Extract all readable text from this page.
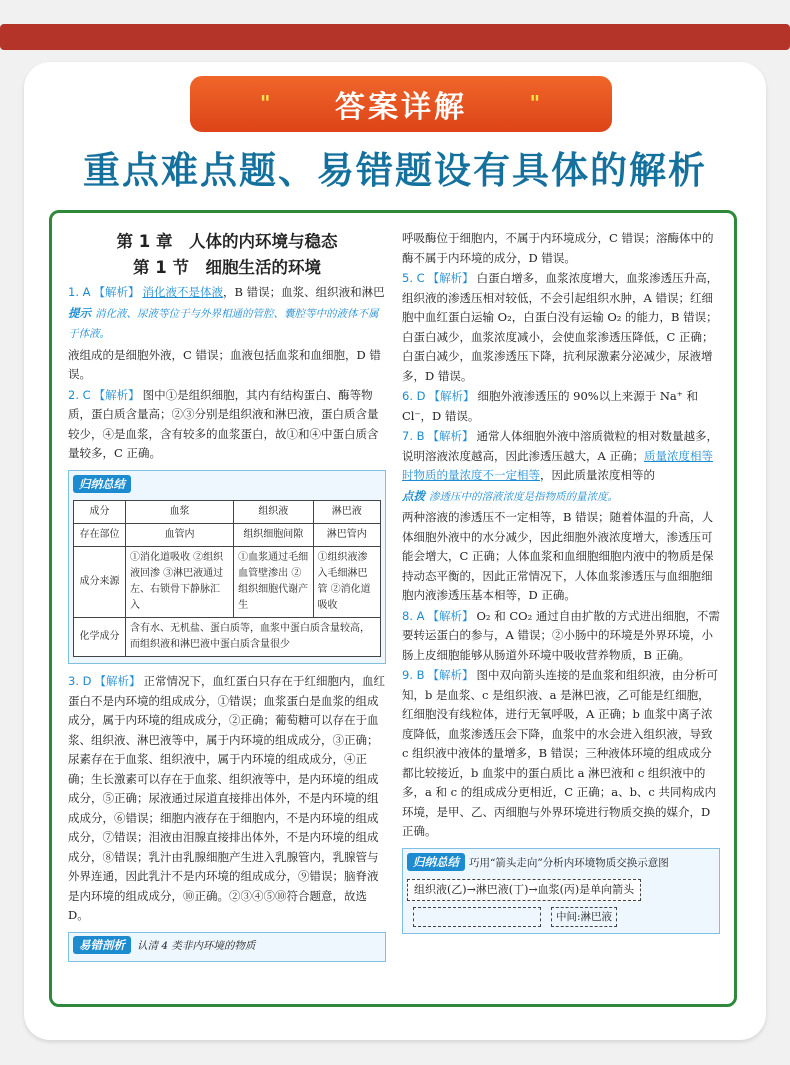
" 答案详解	"
重点难点题、易错题设有具体的解析
第 1 章　人体的内环境与稳态
第 1 节　细胞生活的环境
1. A 【解析】 消化液不是体液，B 错误；血浆、组织液和淋巴
提示 消化液、尿液等位于与外界相通的管腔、囊腔等中的液体不属于体液。
液组成的是细胞外液，C 错误；血液包括血浆和血细胞，D 错误。
2. C 【解析】 图中①是组织细胞，其内有结构蛋白、酶等物质，蛋白质含量高；②③分别是组织液和淋巴液，蛋白质含量较少，④是血浆，含有较多的血浆蛋白，故①和④中蛋白质含量较多，C 正确。
归纳总结
成分	血浆	组织液	淋巴液
存在部位	血管内	组织细胞间隙	淋巴管内
成分来源	①消化道吸收 ②组织液回渗 ③淋巴液通过左、右锁骨下静脉汇入	①血浆通过毛细血管壁渗出 ②组织细胞代谢产生	①组织液渗入毛细淋巴管 ②消化道吸收
化学成分	含有水、无机盐、蛋白质等，血浆中蛋白质含量较高，而组织液和淋巴液中蛋白质含量很少		
3. D 【解析】 正常情况下，血红蛋白只存在于红细胞内，血红蛋白不是内环境的组成成分，①错误；血浆蛋白是血浆的组成成分，属于内环境的组成成分，②正确；葡萄糖可以存在于血浆、组织液、淋巴液等中，属于内环境的组成成分，③正确；尿素存在于血浆、组织液中，属于内环境的组成成分，④正确；生长激素可以存在于血浆、组织液等中，是内环境的组成成分，⑤正确；尿液通过尿道直接排出体外，不是内环境的组成成分，⑥错误；细胞内液存在于细胞内，不是内环境的组成成分，⑦错误；泪液由泪腺直接排出体外，不是内环境的组成成分，⑧错误；乳汁由乳腺细胞产生进入乳腺管内，乳腺管与外界连通，因此乳汁不是内环境的组成成分，⑨错误；脑脊液是内环境的组成成分，⑩正确。②③④⑤⑩符合题意，故选 D。
易错剖析 认清 4 类非内环境的物质
呼吸酶位于细胞内，不属于内环境成分，C 错误；溶酶体中的酶不属于内环境的成分，D 错误。
5. C 【解析】 白蛋白增多，血浆浓度增大，血浆渗透压升高，组织液的渗透压相对较低，不会引起组织水肿，A 错误；红细胞中血红蛋白运输 O₂，白蛋白没有运输 O₂ 的能力，B 错误；白蛋白减少，血浆浓度减小，会使血浆渗透压降低，C 正确；白蛋白减少，血浆渗透压下降，抗利尿激素分泌减少，尿液增多，D 错误。
6. D 【解析】 细胞外液渗透压的 90%以上来源于 Na⁺ 和 Cl⁻，D 错误。
7. B 【解析】 通常人体细胞外液中溶质微粒的相对数量越多，说明溶液浓度越高，因此渗透压越大，A 正确；质量浓度相等时物质的量浓度不一定相等，因此质量浓度相等的
点拨 渗透压中的溶液浓度是指物质的量浓度。
两种溶液的渗透压不一定相等，B 错误；随着体温的升高，人体细胞外液中的水分减少，因此细胞外液浓度增大，渗透压可能会增大，C 正确；人体血浆和血细胞细胞内液中的物质是保持动态平衡的，因此正常情况下，人体血浆渗透压与血细胞细胞内液渗透压基本相等，D 正确。
8. A 【解析】 O₂ 和 CO₂ 通过自由扩散的方式进出细胞，不需要转运蛋白的参与，A 错误；②小肠中的环境是外界环境，小肠上皮细胞能够从肠道外环境中吸收营养物质，B 正确。
9. B 【解析】 图中双向箭头连接的是血浆和组织液，由分析可知，b 是血浆、c 是组织液、a 是淋巴液，乙可能是红细胞，红细胞没有线粒体，进行无氧呼吸，A 正确；b 血浆中离子浓度降低，血浆渗透压会下降，血浆中的水会进入组织液，导致 c 组织液中液体的量增多，B 错误；三种液体环境的组成成分都比较接近，b 血浆中的蛋白质比 a 淋巴液和 c 组织液中的多，a 和 c 的组成成分更相近，C 正确；a、b、c 共同构成内环境，是甲、乙、丙细胞与外界环境进行物质交换的媒介，D 正确。
归纳总结 巧用“箭头走向”分析内环境物质交换示意图
组织液(乙)→淋巴液(丁)→血浆(丙)是单向箭头
中间:淋巴液
